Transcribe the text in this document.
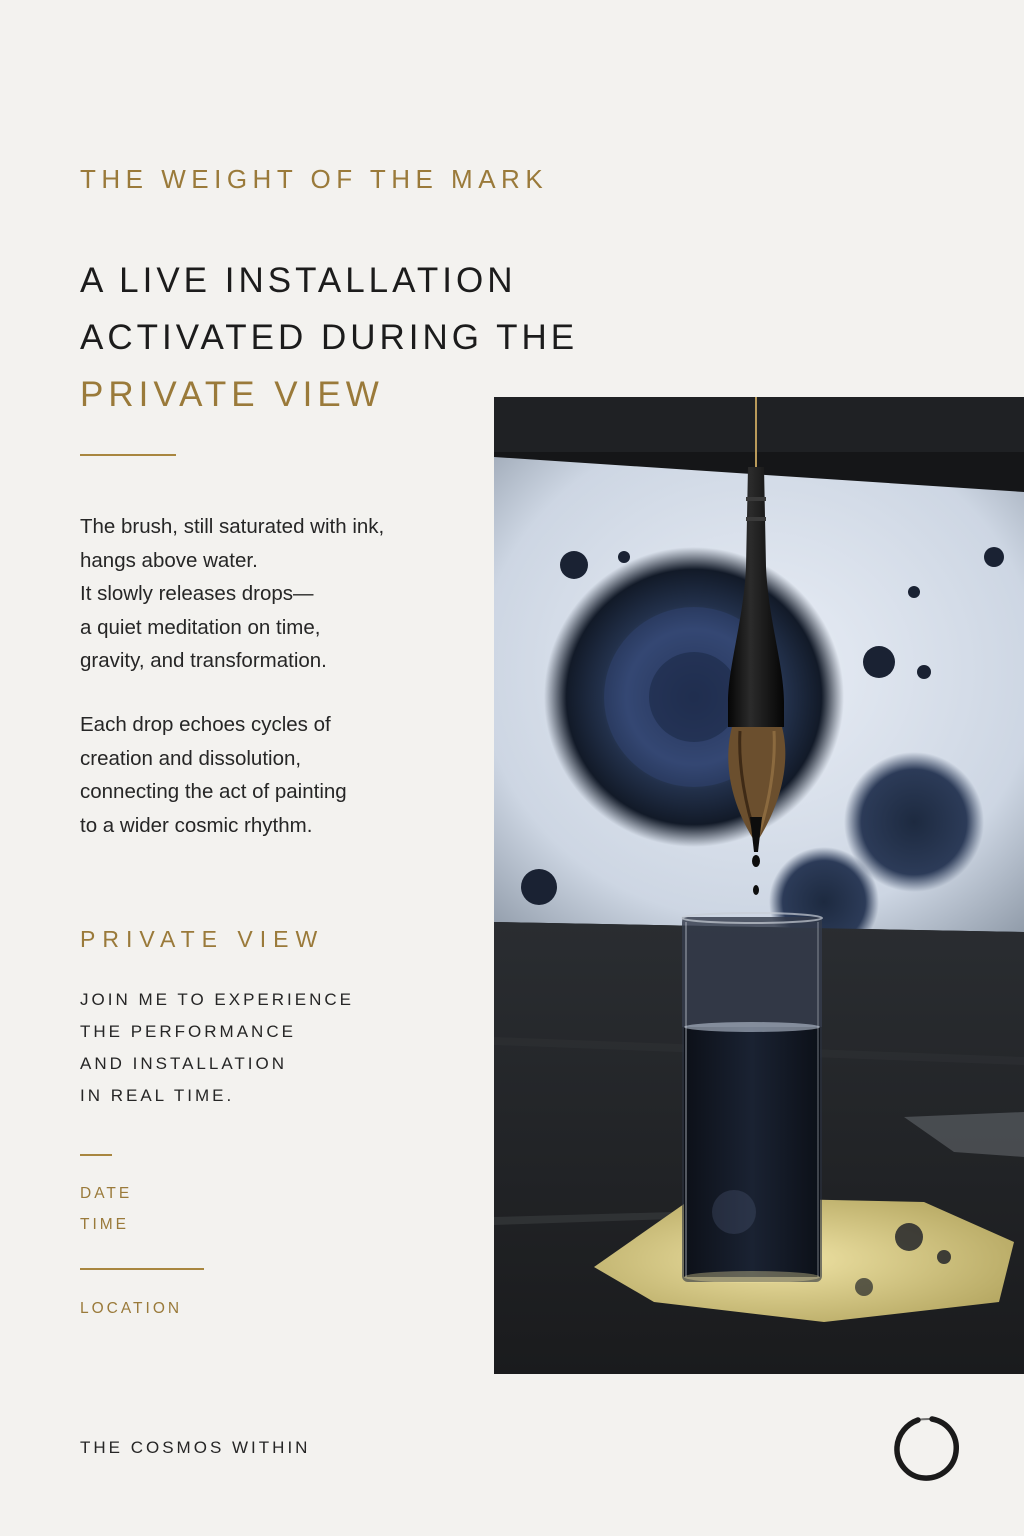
THE WEIGHT OF THE MARK
A LIVE INSTALLATION
ACTIVATED DURING THE
PRIVATE VIEW
The brush, still saturated with ink,
hangs above water.
It slowly releases drops—
a quiet meditation on time,
gravity, and transformation.
Each drop echoes cycles of
creation and dissolution,
connecting the act of painting
to a wider cosmic rhythm.
PRIVATE VIEW
JOIN ME TO EXPERIENCE
THE PERFORMANCE
AND INSTALLATION
IN REAL TIME.
DATE
TIME
LOCATION
THE COSMOS WITHIN
